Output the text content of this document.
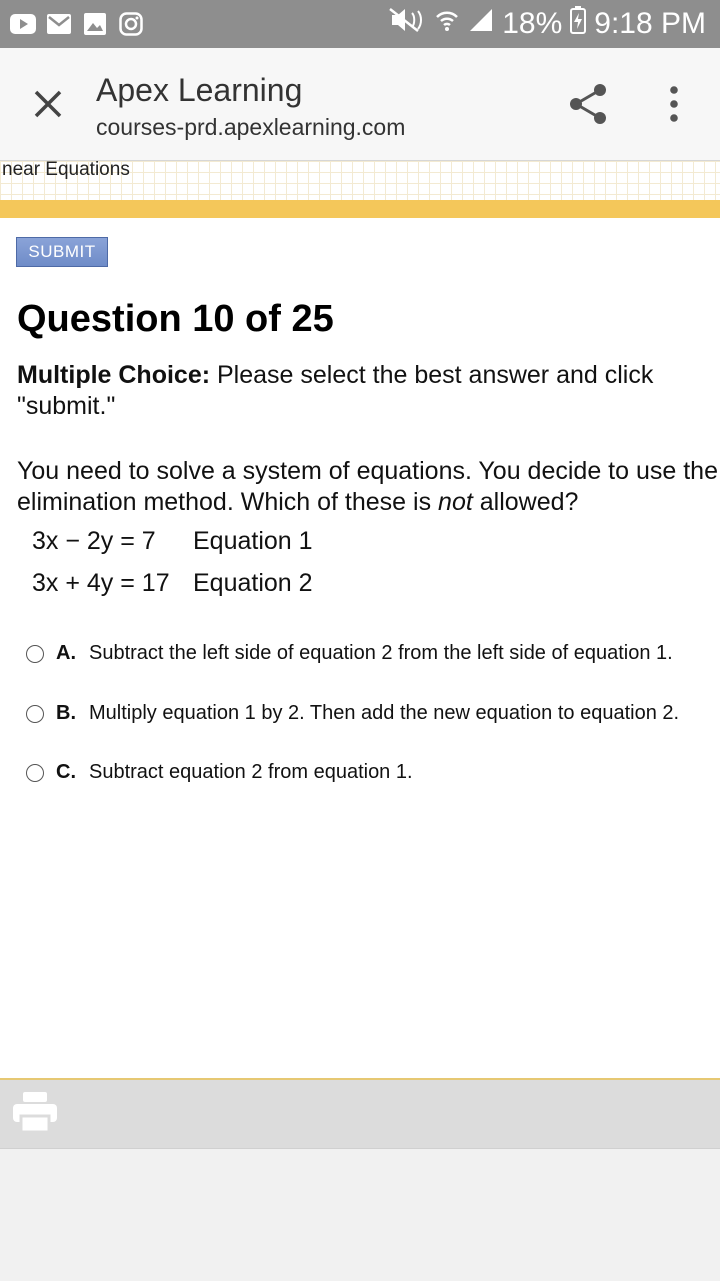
18% 9:18 PM
Apex Learning
courses-prd.apexlearning.com
near Equations
SUBMIT
Question 10 of 25
Multiple Choice: Please select the best answer and click "submit."
You need to solve a system of equations. You decide to use the elimination method. Which of these is not allowed?
3x − 2y = 7 Equation 1
3x + 4y = 17 Equation 2
A. Subtract the left side of equation 2 from the left side of equation 1.
B. Multiply equation 1 by 2. Then add the new equation to equation 2.
C. Subtract equation 2 from equation 1.
